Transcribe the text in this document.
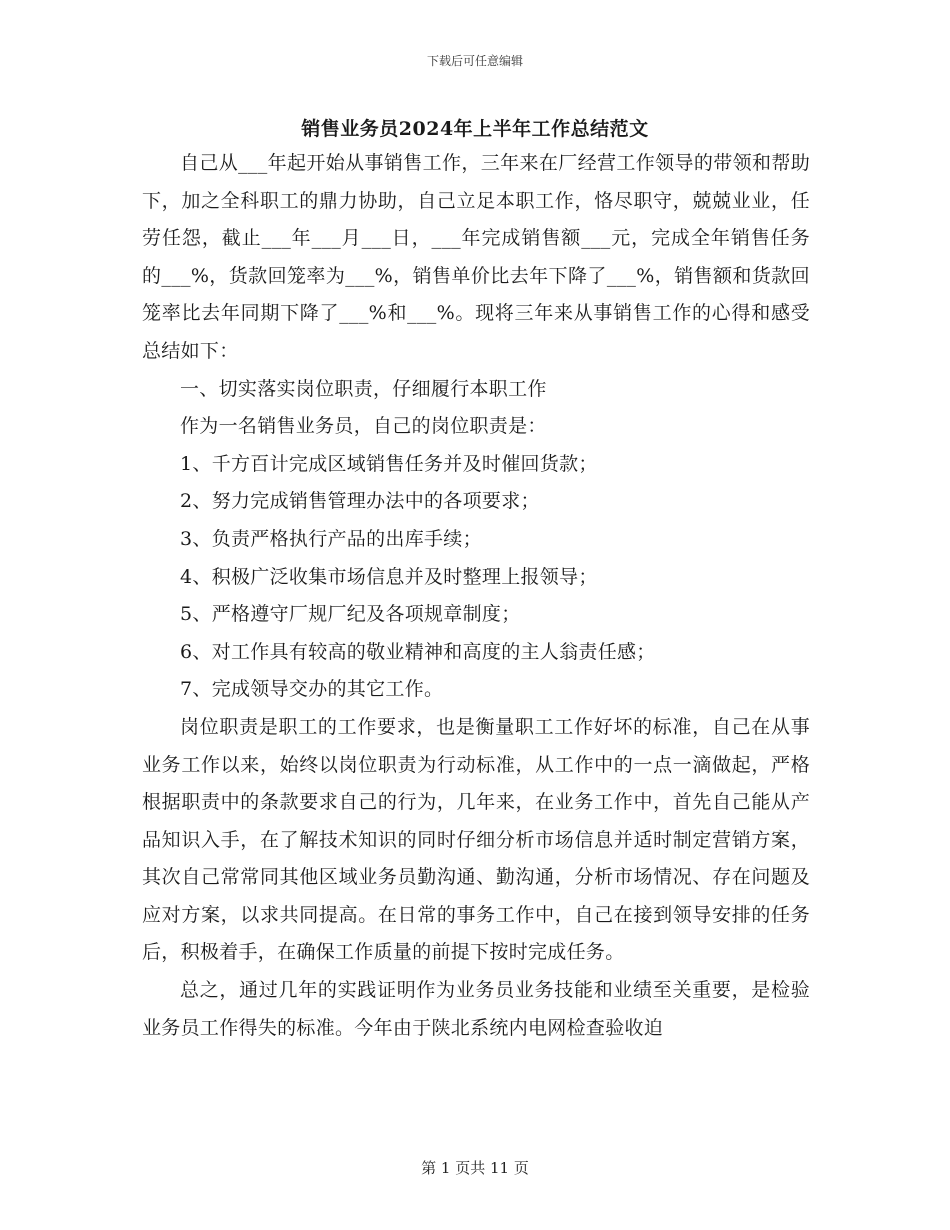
下载后可任意编辑
销售业务员2024年上半年工作总结范文

自己从___年起开始从事销售工作，三年来在厂经营工作领导的带领和帮助下，加之全科职工的鼎力协助，自己立足本职工作，恪尽职守，兢兢业业，任劳任怨，截止___年___月___日，___年完成销售额___元，完成全年销售任务的___%，货款回笼率为___%，销售单价比去年下降了___%，销售额和货款回笼率比去年同期下降了___%和___%。现将三年来从事销售工作的心得和感受总结如下：

一、切实落实岗位职责，仔细履行本职工作

作为一名销售业务员，自己的岗位职责是：

1、千方百计完成区域销售任务并及时催回货款；

2、努力完成销售管理办法中的各项要求；

3、负责严格执行产品的出库手续；

4、积极广泛收集市场信息并及时整理上报领导；

5、严格遵守厂规厂纪及各项规章制度；

6、对工作具有较高的敬业精神和高度的主人翁责任感；

7、完成领导交办的其它工作。

岗位职责是职工的工作要求，也是衡量职工工作好坏的标准，自己在从事业务工作以来，始终以岗位职责为行动标准，从工作中的一点一滴做起，严格根据职责中的条款要求自己的行为，几年来，在业务工作中，首先自己能从产品知识入手，在了解技术知识的同时仔细分析市场信息并适时制定营销方案，其次自己常常同其他区域业务员勤沟通、勤沟通，分析市场情况、存在问题及应对方案，以求共同提高。在日常的事务工作中，自己在接到领导安排的任务后，积极着手，在确保工作质量的前提下按时完成任务。

总之，通过几年的实践证明作为业务员业务技能和业绩至关重要，是检验业务员工作得失的标准。今年由于陕北系统内电网检查验收迫

第 1 页共 11 页
